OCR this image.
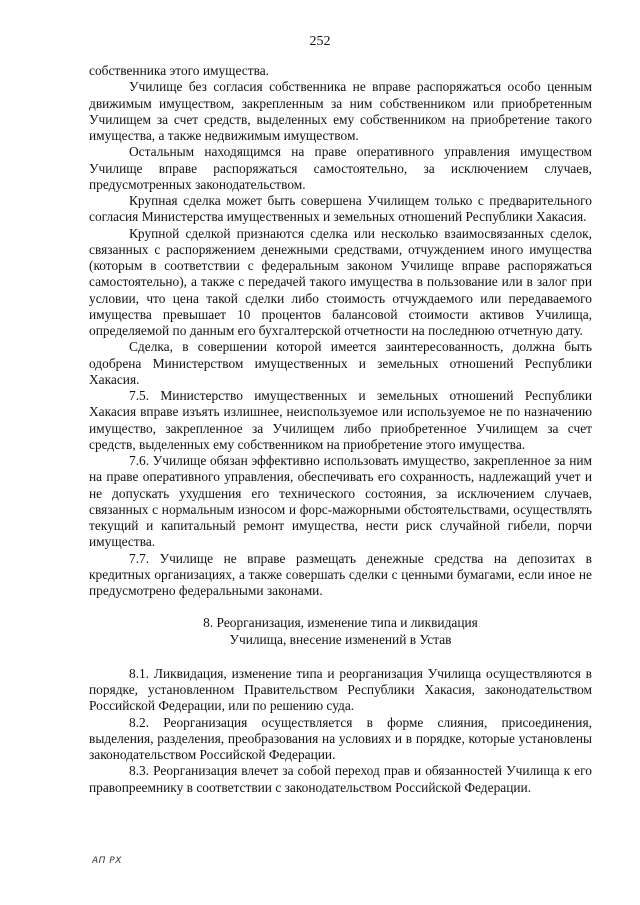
252

собственника этого имущества.

Училище без согласия собственника не вправе распоряжаться особо ценным движимым имуществом, закрепленным за ним собственником или приобретенным Училищем за счет средств, выделенных ему собственником на приобретение такого имущества, а также недвижимым имуществом.

Остальным находящимся на праве оперативного управления имуществом Училище вправе распоряжаться самостоятельно, за исключением случаев, предусмотренных законодательством.

Крупная сделка может быть совершена Училищем только с предварительного согласия Министерства имущественных и земельных отношений Республики Хакасия.

Крупной сделкой признаются сделка или несколько взаимосвязанных сделок, связанных с распоряжением денежными средствами, отчуждением иного имущества (которым в соответствии с федеральным законом Училище вправе распоряжаться самостоятельно), а также с передачей такого имущества в пользование или в залог при условии, что цена такой сделки либо стоимость отчуждаемого или передаваемого имущества превышает 10 процентов балансовой стоимости активов Училища, определяемой по данным его бухгалтерской отчетности на последнюю отчетную дату.

Сделка, в совершении которой имеется заинтересованность, должна быть одобрена Министерством имущественных и земельных отношений Республики Хакасия.

7.5. Министерство имущественных и земельных отношений Республики Хакасия вправе изъять излишнее, неиспользуемое или используемое не по назначению имущество, закрепленное за Училищем либо приобретенное Училищем за счет средств, выделенных ему собственником на приобретение этого имущества.

7.6. Училище обязан эффективно использовать имущество, закрепленное за ним на праве оперативного управления, обеспечивать его сохранность, надлежащий учет и не допускать ухудшения его технического состояния, за исключением случаев, связанных с нормальным износом и форс-мажорными обстоятельствами, осуществлять текущий и капитальный ремонт имущества, нести риск случайной гибели, порчи имущества.

7.7. Училище не вправе размещать денежные средства на депозитах в кредитных организациях, а также совершать сделки с ценными бумагами, если иное не предусмотрено федеральными законами.

8. Реорганизация, изменение типа и ликвидация
Училища, внесение изменений в Устав

8.1. Ликвидация, изменение типа и реорганизация Училища осуществляются в порядке, установленном Правительством Республики Хакасия, законодательством Российской Федерации, или по решению суда.

8.2. Реорганизация осуществляется в форме слияния, присоединения, выделения, разделения, преобразования на условиях и в порядке, которые установлены законодательством Российской Федерации.

8.3. Реорганизация влечет за собой переход прав и обязанностей Училища к его правопреемнику в соответствии с законодательством Российской Федерации.

АП РХ
